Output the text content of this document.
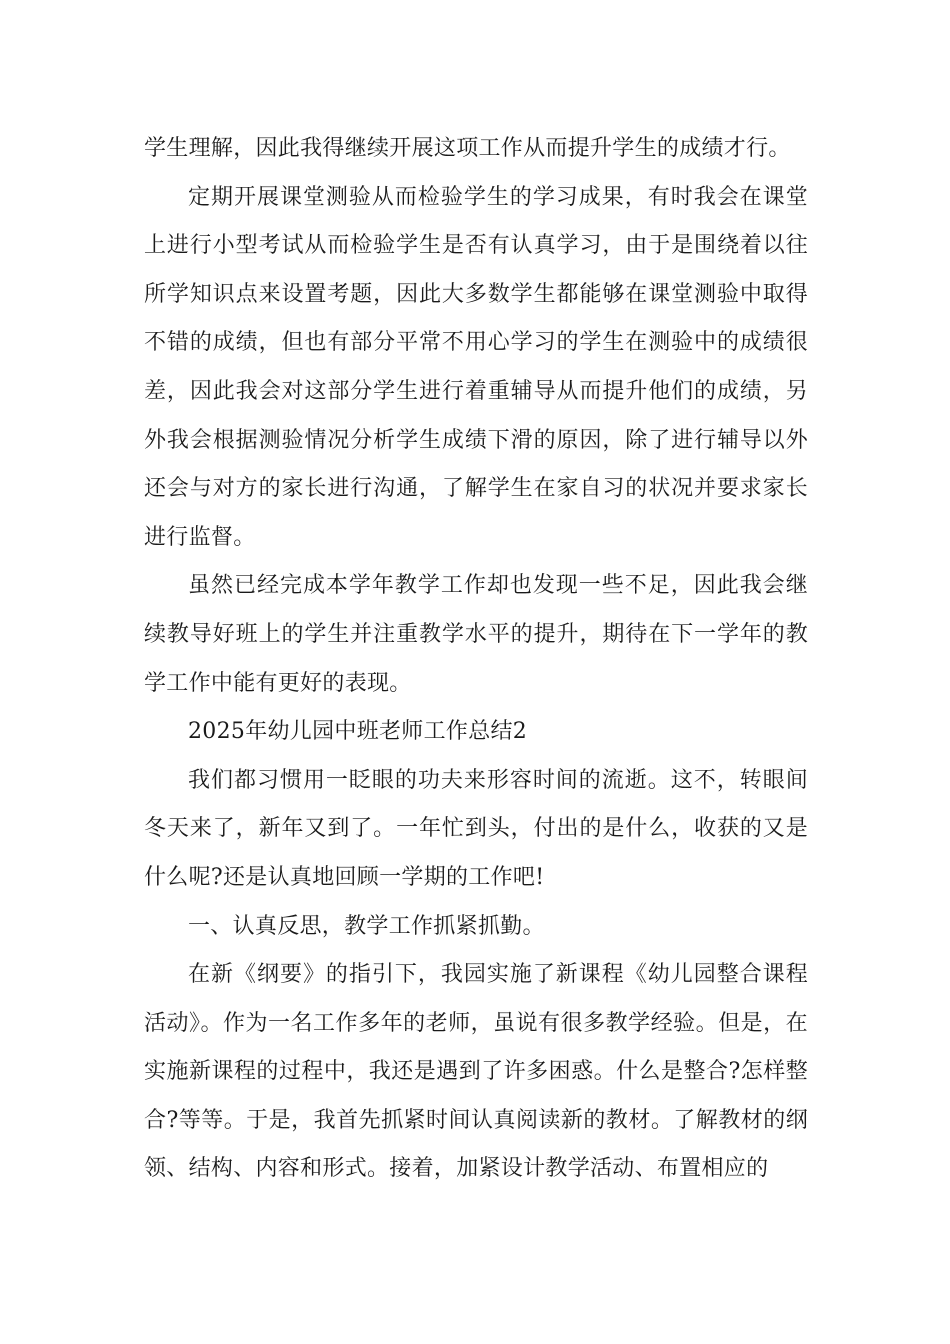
学生理解，因此我得继续开展这项工作从而提升学生的成绩才行。

定期开展课堂测验从而检验学生的学习成果，有时我会在课堂上进行小型考试从而检验学生是否有认真学习，由于是围绕着以往所学知识点来设置考题，因此大多数学生都能够在课堂测验中取得不错的成绩，但也有部分平常不用心学习的学生在测验中的成绩很差，因此我会对这部分学生进行着重辅导从而提升他们的成绩，另外我会根据测验情况分析学生成绩下滑的原因，除了进行辅导以外还会与对方的家长进行沟通，了解学生在家自习的状况并要求家长进行监督。

虽然已经完成本学年教学工作却也发现一些不足，因此我会继续教导好班上的学生并注重教学水平的提升，期待在下一学年的教学工作中能有更好的表现。

2025年幼儿园中班老师工作总结2

我们都习惯用一眨眼的功夫来形容时间的流逝。这不，转眼间冬天来了，新年又到了。一年忙到头，付出的是什么，收获的又是什么呢?还是认真地回顾一学期的工作吧!

一、认真反思，教学工作抓紧抓勤。

在新《纲要》的指引下，我园实施了新课程《幼儿园整合课程活动》。作为一名工作多年的老师，虽说有很多教学经验。但是，在实施新课程的过程中，我还是遇到了许多困惑。什么是整合?怎样整合?等等。于是，我首先抓紧时间认真阅读新的教材。了解教材的纲领、结构、内容和形式。接着，加紧设计教学活动、布置相应的
